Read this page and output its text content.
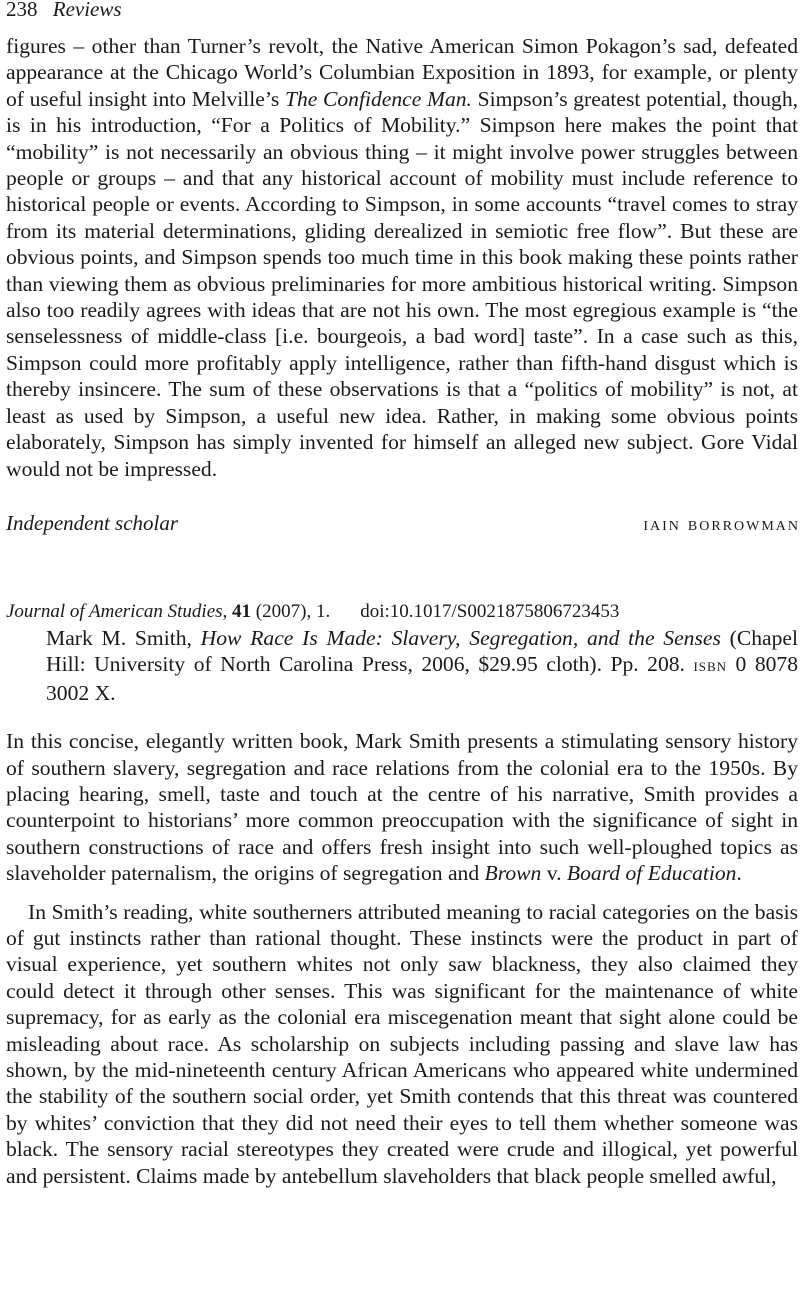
238 Reviews
figures – other than Turner’s revolt, the Native American Simon Pokagon’s sad, defeated appearance at the Chicago World’s Columbian Exposition in 1893, for example, or plenty of useful insight into Melville’s The Confidence Man. Simpson’s greatest potential, though, is in his introduction, “For a Politics of Mobility.” Simpson here makes the point that “mobility” is not necessarily an obvious thing – it might involve power struggles between people or groups – and that any historical account of mobility must include reference to historical people or events. According to Simpson, in some accounts “travel comes to stray from its material determinations, gliding derealized in semiotic free flow”. But these are obvious points, and Simpson spends too much time in this book making these points rather than viewing them as obvious preliminaries for more ambitious historical writing. Simpson also too readily agrees with ideas that are not his own. The most egregious example is “the senselessness of middle-class [i.e. bourgeois, a bad word] taste”. In a case such as this, Simpson could more profitably apply intelligence, rather than fifth-hand disgust which is thereby insincere. The sum of these observations is that a “politics of mobility” is not, at least as used by Simpson, a useful new idea. Rather, in making some obvious points elaborately, Simpson has simply invented for himself an alleged new subject. Gore Vidal would not be impressed.
Independent scholar	iain borrowman
Journal of American Studies, 41 (2007), 1. doi:10.1017/S0021875806723453
Mark M. Smith, How Race Is Made: Slavery, Segregation, and the Senses (Chapel Hill: University of North Carolina Press, 2006, $29.95 cloth). Pp. 208. isbn 0 8078 3002 X.

In this concise, elegantly written book, Mark Smith presents a stimulating sensory history of southern slavery, segregation and race relations from the colonial era to the 1950s. By placing hearing, smell, taste and touch at the centre of his narrative, Smith provides a counterpoint to historians’ more common preoccupation with the significance of sight in southern constructions of race and offers fresh insight into such well-ploughed topics as slaveholder paternalism, the origins of segregation and Brown v. Board of Education.

In Smith’s reading, white southerners attributed meaning to racial categories on the basis of gut instincts rather than rational thought. These instincts were the product in part of visual experience, yet southern whites not only saw blackness, they also claimed they could detect it through other senses. This was significant for the maintenance of white supremacy, for as early as the colonial era miscegenation meant that sight alone could be misleading about race. As scholarship on subjects including passing and slave law has shown, by the mid-nineteenth century African Americans who appeared white undermined the stability of the southern social order, yet Smith contends that this threat was countered by whites’ conviction that they did not need their eyes to tell them whether someone was black. The sensory racial stereotypes they created were crude and illogical, yet powerful and persistent. Claims made by antebellum slaveholders that black people smelled awful,
